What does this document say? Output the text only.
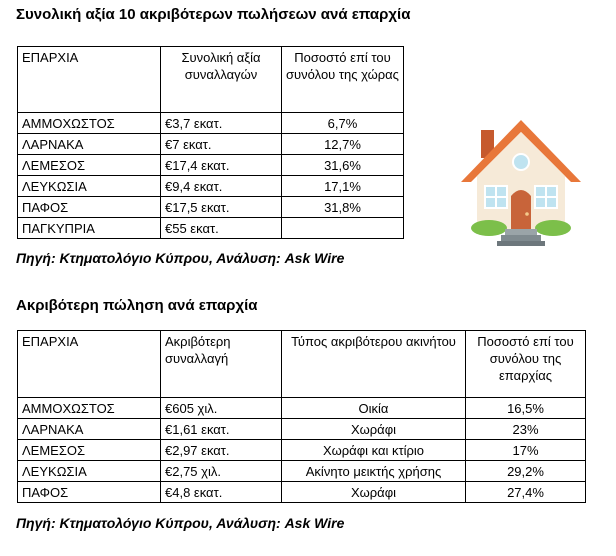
Συνολική αξία 10 ακριβότερων πωλήσεων ανά επαρχία
ΕΠΑΡΧΙΑ	Συνολική αξία συναλλαγών	Ποσοστό επί του συνόλου της χώρας
ΑΜΜΟΧΩΣΤΟΣ	€3,7 εκατ.	6,7%
ΛΑΡΝΑΚΑ	€7 εκατ.	12,7%
ΛΕΜΕΣΟΣ	€17,4 εκατ.	31,6%
ΛΕΥΚΩΣΙΑ	€9,4 εκατ.	17,1%
ΠΑΦΟΣ	€17,5 εκατ.	31,8%
ΠΑΓΚΥΠΡΙΑ	€55 εκατ.	
Πηγή: Κτηματολόγιο Κύπρου, Ανάλυση: Ask Wire
Ακριβότερη πώληση ανά επαρχία
ΕΠΑΡΧΙΑ	Ακριβότερη συναλλαγή	Τύπος ακριβότερου ακινήτου	Ποσοστό επί του συνόλου της επαρχίας
ΑΜΜΟΧΩΣΤΟΣ	€605 χιλ.	Οικία	16,5%
ΛΑΡΝΑΚΑ	€1,61 εκατ.	Χωράφι	23%
ΛΕΜΕΣΟΣ	€2,97 εκατ.	Χωράφι και κτίριο	17%
ΛΕΥΚΩΣΙΑ	€2,75 χιλ.	Ακίνητο μεικτής χρήσης	29,2%
ΠΑΦΟΣ	€4,8 εκατ.	Χωράφι	27,4%
Πηγή: Κτηματολόγιο Κύπρου, Ανάλυση: Ask Wire
